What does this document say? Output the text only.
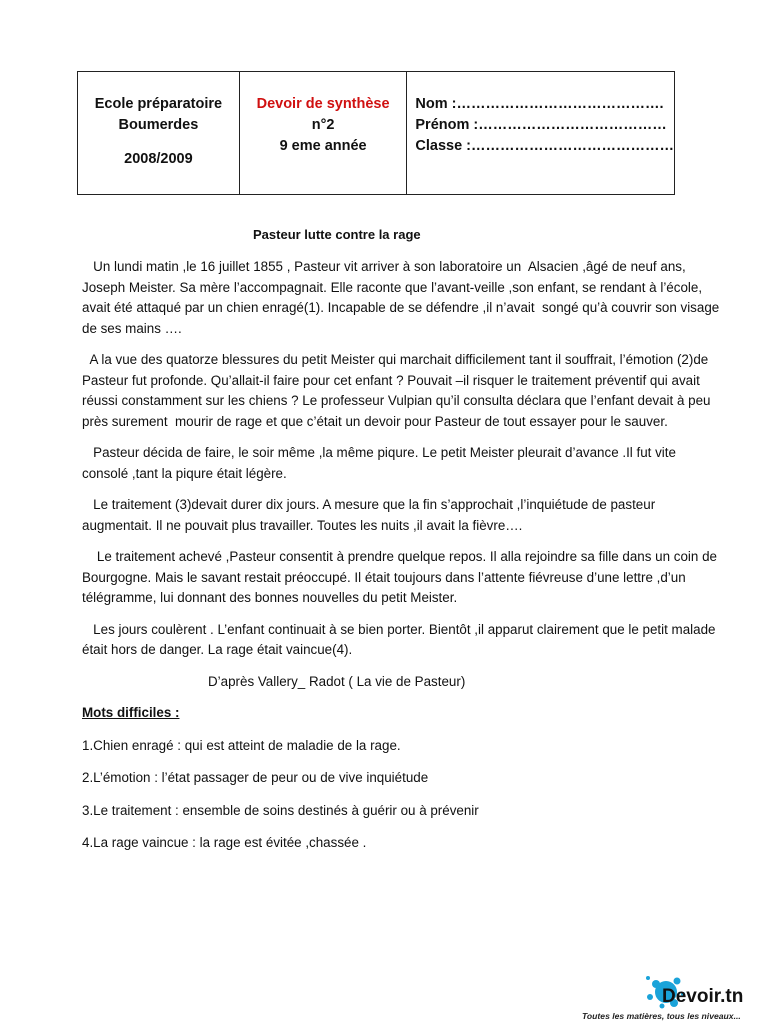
Ecole préparatoire
Boumerdes
2008/2009
Devoir de synthèse
n°2
9 eme année
Nom :…………………………………….
Prénom :…………………………………
Classe :……………………………………
Pasteur lutte contre la rage

Un lundi matin ,le 16 juillet 1855 , Pasteur vit arriver à son laboratoire un  Alsacien ,âgé de neuf ans, Joseph Meister. Sa mère l’accompagnait. Elle raconte que l’avant-veille ,son enfant, se rendant à l’école, avait été attaqué par un chien enragé(1). Incapable de se défendre ,il n’avait  songé qu’à couvrir son visage  de ses mains ….

A la vue des quatorze blessures du petit Meister qui marchait difficilement tant il souffrait, l’émotion (2)de Pasteur fut profonde. Qu’allait-il faire pour cet enfant ? Pouvait –il risquer le traitement préventif qui avait réussi constamment sur les chiens ? Le professeur Vulpian qu’il consulta déclara que l’enfant devait à peu près surement  mourir de rage et que c’était un devoir pour Pasteur de tout essayer pour le sauver.

Pasteur décida de faire, le soir même ,la même piqure. Le petit Meister pleurait d’avance .Il fut vite consolé ,tant la piqure était légère.

Le traitement (3)devait durer dix jours. A mesure que la fin s’approchait ,l’inquiétude de pasteur augmentait. Il ne pouvait plus travailler. Toutes les nuits ,il avait la fièvre….

Le traitement achevé ,Pasteur consentit à prendre quelque repos. Il alla rejoindre sa fille dans un coin de Bourgogne. Mais le savant restait préoccupé. Il était toujours dans l’attente fiévreuse d’une lettre ,d’un télégramme, lui donnant des bonnes nouvelles du petit Meister.

Les jours coulèrent . L’enfant continuait à se bien porter. Bientôt ,il apparut clairement que le petit malade était hors de danger. La rage était vaincue(4).

D’après Vallery_ Radot ( La vie de Pasteur)

Mots difficiles :

1.Chien enragé : qui est atteint de maladie de la rage.

2.L’émotion : l’état passager de peur ou de vive inquiétude

3.Le traitement : ensemble de soins destinés à guérir ou à prévenir

4.La rage vaincue : la rage est évitée ,chassée .

Devoir.tn
Toutes les matières, tous les niveaux...
